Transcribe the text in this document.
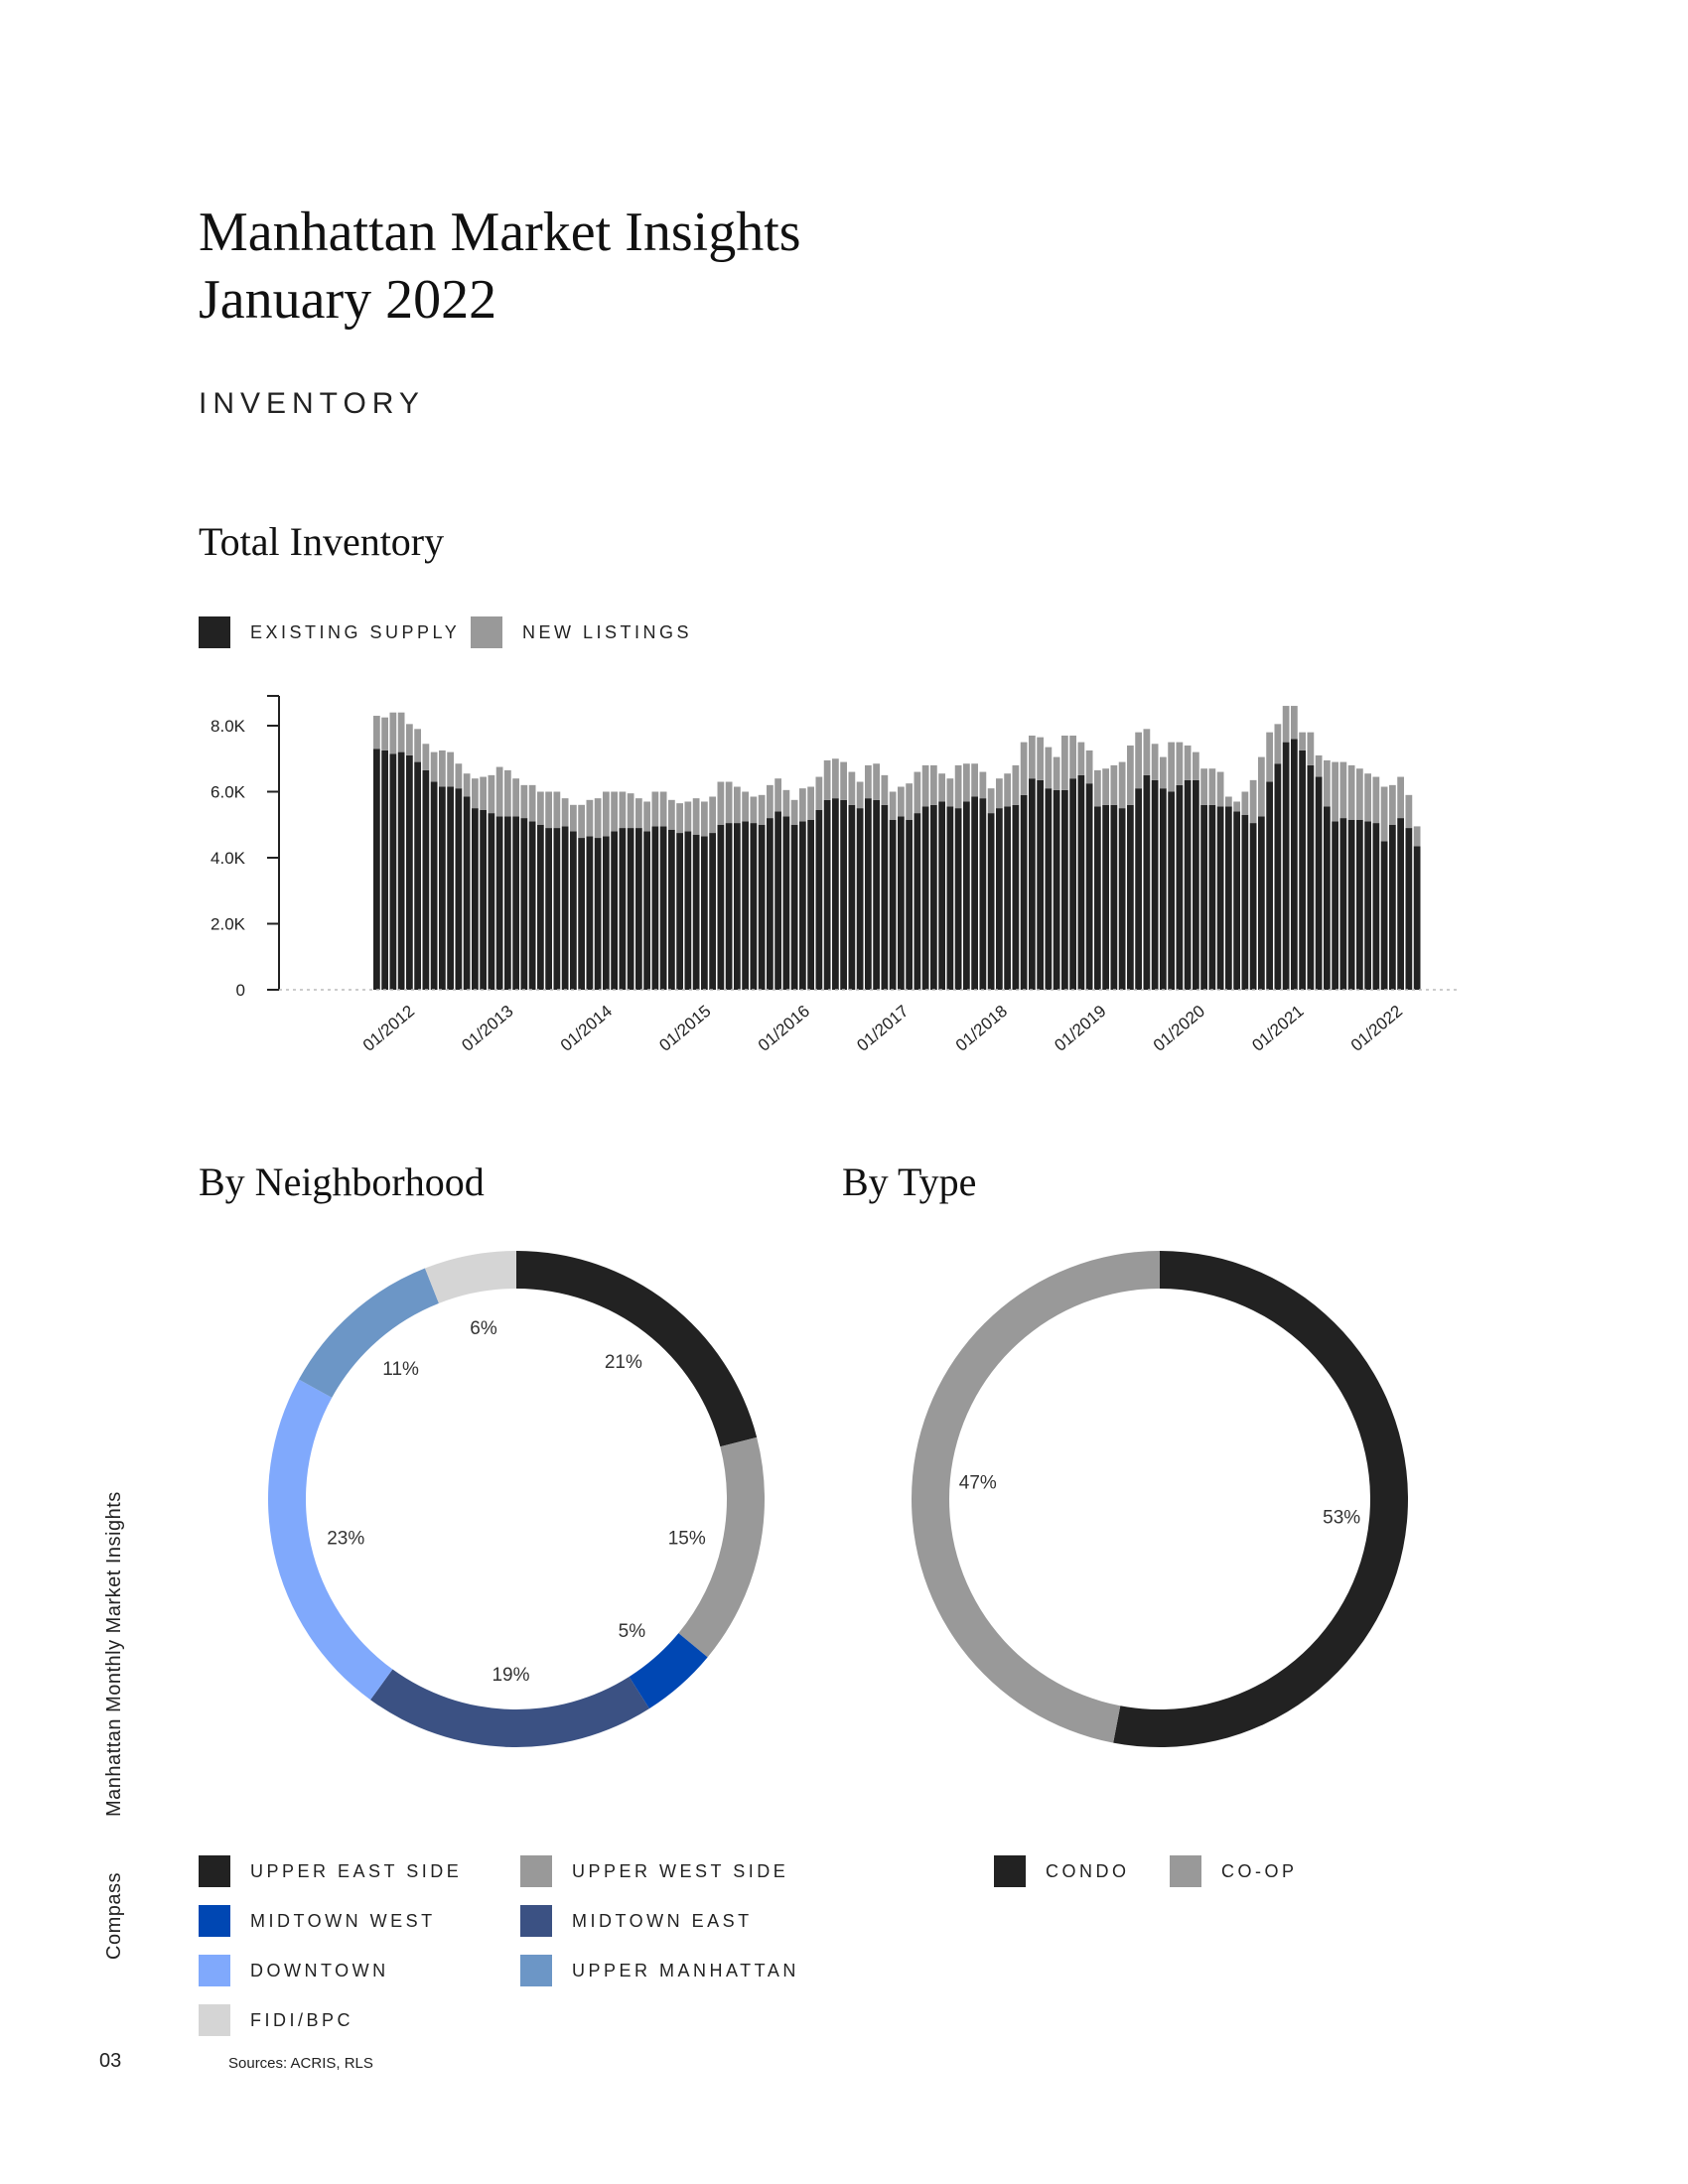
Manhattan Market Insights
January 2022
INVENTORY
Total Inventory
EXISTING SUPPLY	NEW LISTINGS
0
2.0K
4.0K
6.0K
8.0K
01/2012 01/2013 01/2014 01/2015 01/2016 01/2017 01/2018 01/2019 01/2020 01/2021 01/2022
By Neighborhood
21%
15%
5%
19%
23%
11%
6%
By Type
53%
47%
UPPER EAST SIDE	UPPER WEST SIDE
MIDTOWN WEST	MIDTOWN EAST
DOWNTOWN	UPPER MANHATTAN
FIDI/BPC
CONDO	CO-OP
Manhattan Monthly Market Insights
Compass
03	Sources: ACRIS, RLS
